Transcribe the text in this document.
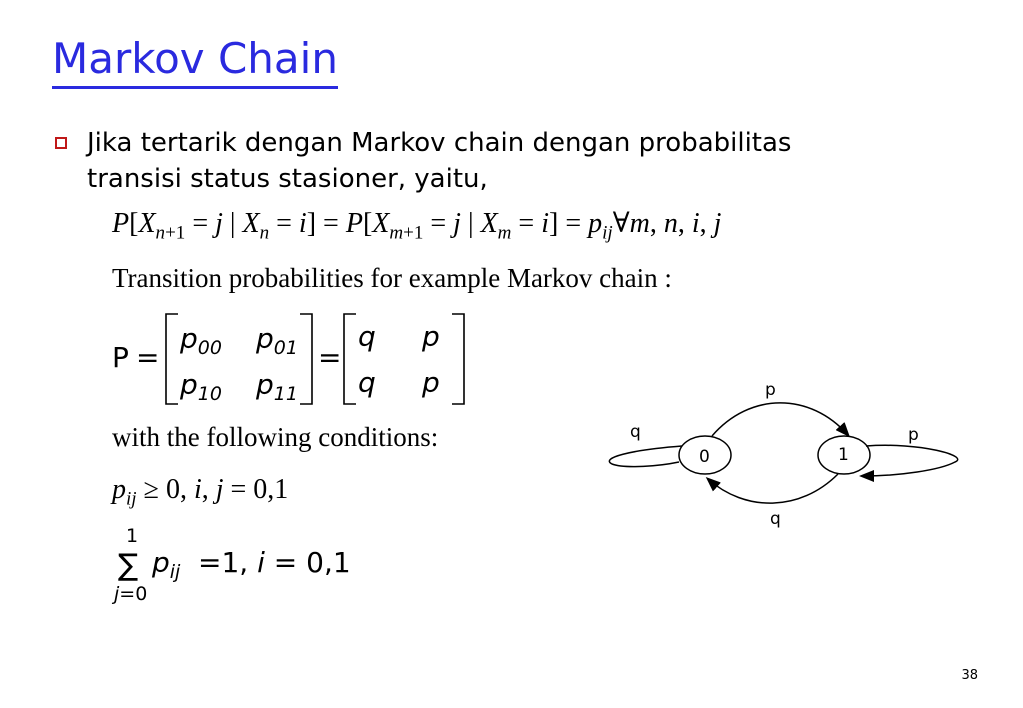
Markov Chain
Jika tertarik dengan Markov chain dengan probabilitas
transisi status stasioner, yaitu,
$P[X_{n+1} = j$ | $X_n = i] = P[X_{m+1} = j$ | $X_m = i$] = $p_{ij}\forall m$, n, i, j
Transition probabilities for example Markov chain :
P =
$p_{00}$ $p_{01}$
$p_{10}$ $p_{11}$
=
q p
q p
with the following conditions:
$p_{ij} \ge 0$, i, j = 0,1
1
∑
j=0
$p_{ij} =1$, i = 0,1
0	1
p
q
q	p
38
